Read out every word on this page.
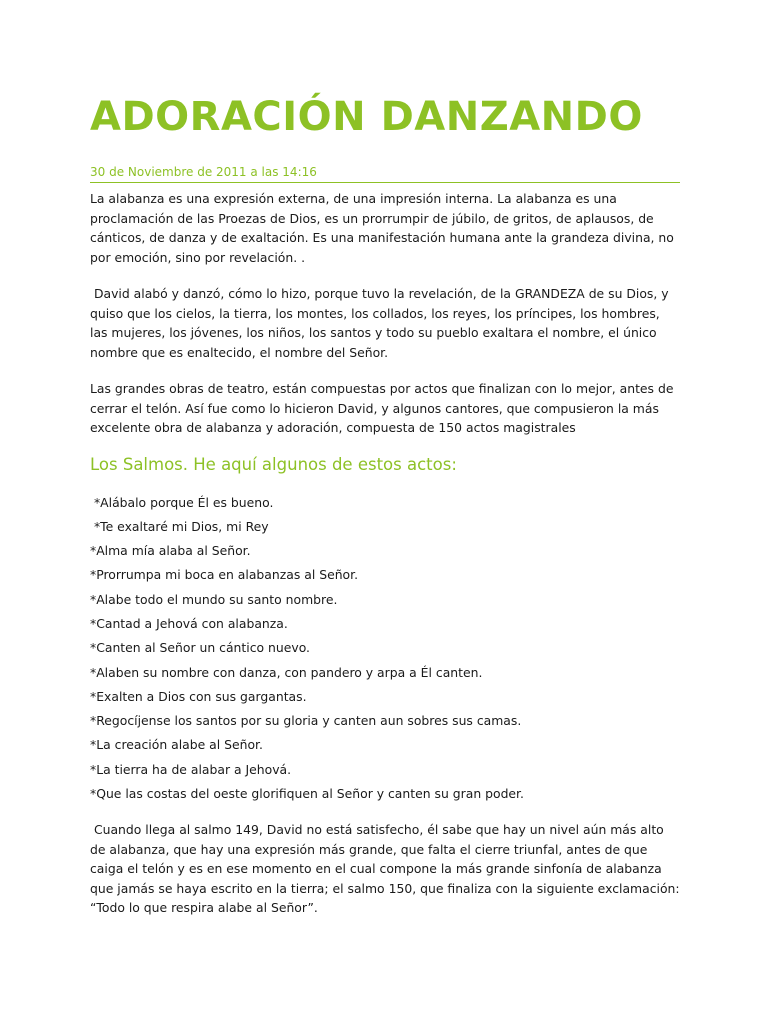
ADORACIÓN DANZANDO
30 de Noviembre de 2011 a las 14:16

La alabanza es una expresión externa, de una impresión interna. La alabanza es una proclamación de las Proezas de Dios, es un prorrumpir de júbilo, de gritos, de aplausos, de cánticos, de danza y de exaltación. Es una manifestación humana ante la grandeza divina, no por emoción, sino por revelación. .

David alabó y danzó, cómo lo hizo, porque tuvo la revelación, de la GRANDEZA de su Dios, y quiso que los cielos, la tierra, los montes, los collados, los reyes, los príncipes, los hombres, las mujeres, los jóvenes, los niños, los santos y todo su pueblo exaltara el nombre, el único nombre que es enaltecido, el nombre del Señor.

Las grandes obras de teatro, están compuestas por actos que finalizan con lo mejor, antes de cerrar el telón. Así fue como lo hicieron David, y algunos cantores, que compusieron la más excelente obra de alabanza y adoración, compuesta de 150 actos magistrales

Los Salmos. He aquí algunos de estos actos:
*Alábalo porque Él es bueno.
*Te exaltaré mi Dios, mi Rey
*Alma mía alaba al Señor.
*Prorrumpa mi boca en alabanzas al Señor.
*Alabe todo el mundo su santo nombre.
*Cantad a Jehová con alabanza.
*Canten al Señor un cántico nuevo.
*Alaben su nombre con danza, con pandero y arpa a Él canten.
*Exalten a Dios con sus gargantas.
*Regocíjense los santos por su gloria y canten aun sobres sus camas.
*La creación alabe al Señor.
*La tierra ha de alabar a Jehová.
*Que las costas del oeste glorifiquen al Señor y canten su gran poder.

Cuando llega al salmo 149, David no está satisfecho, él sabe que hay un nivel aún más alto de alabanza, que hay una expresión más grande, que falta el cierre triunfal, antes de que caiga el telón y es en ese momento en el cual compone la más grande sinfonía de alabanza que jamás se haya escrito en la tierra; el salmo 150, que finaliza con la siguiente exclamación: “Todo lo que respira alabe al Señor”.
